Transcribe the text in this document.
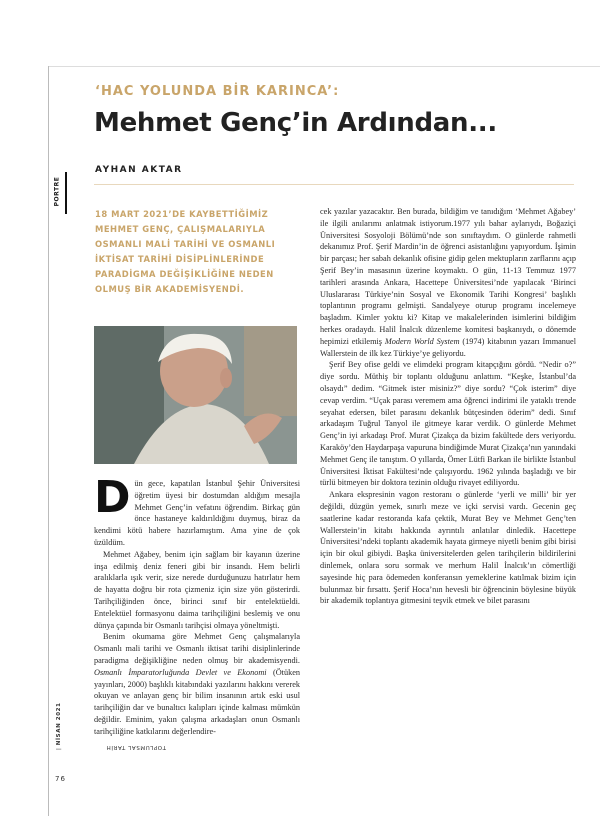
PORTRE
‘HAC YOLUNDA BİR KARINCA’:
Mehmet Genç’in Ardından...
AYHAN AKTAR
18 MART 2021’DE KAYBETTİĞİMİZ MEHMET GENÇ, ÇALIŞMALARIYLA OSMANLI MALİ TARİHİ VE OSMANLI İKTİSAT TARİHİ DİSİPLİNLERİNDE PARADİGMA DEĞİŞİKLİĞİNE NEDEN OLMUŞ BİR AKADEMİSYENDİ.

Dün gece, kapatılan İstanbul Şehir Üniversitesi öğretim üyesi bir dostumdan aldığım mesajla Mehmet Genç’in vefatını öğrendim. Birkaç gün önce hastaneye kaldırıldığını duymuş, biraz da kendimi kötü habere hazırlamıştım. Ama yine de çok üzüldüm.

Mehmet Ağabey, benim için sağlam bir kayanın üzerine inşa edilmiş deniz feneri gibi bir insandı. Hem belirli aralıklarla ışık verir, size nerede durduğunuzu hatırlatır hem de hayatta doğru bir rota çizmeniz için size yön gösterirdi. Tarihçiliğinden önce, birinci sınıf bir entelektüeldi. Entelektüel formasyonu daima tarihçiliğini beslemiş ve onu dünya çapında bir Osmanlı tarihçisi olmaya yöneltmişti.

Benim okumama göre Mehmet Genç çalışmalarıyla Osmanlı mali tarihi ve Osmanlı iktisat tarihi disiplinlerinde paradigma değişikliğine neden olmuş bir akademisyendi. Osmanlı İmparatorluğunda Devlet ve Ekonomi (Ötüken yayınları, 2000) başlıklı kitabındaki yazılarını hakkını vererek okuyan ve anlayan genç bir bilim insanının artık eski usul tarihçiliğin dar ve bunaltıcı kalıpları içinde kalması mümkün değildir. Eminim, yakın çalışma arkadaşları onun Osmanlı tarihçiliğine katkılarını değerlendire-

cek yazılar yazacaktır. Ben burada, bildiğim ve tanıdığım ‘Mehmet Ağabey’ ile ilgili anılarımı anlatmak istiyorum.1977 yılı bahar aylarıydı, Boğaziçi Üniversitesi Sosyoloji Bölümü’nde son sınıftaydım. O günlerde rahmetli dekanımız Prof. Şerif Mardin’in de öğrenci asistanlığını yapıyordum. İşimin bir parçası; her sabah dekanlık ofisine gidip gelen mektupların zarflarını açıp Şerif Bey’in masasının üzerine koymaktı. O gün, 11-13 Temmuz 1977 tarihleri arasında Ankara, Hacettepe Üniversitesi’nde yapılacak ‘Birinci Uluslararası Türkiye’nin Sosyal ve Ekonomik Tarihi Kongresi’ başlıklı toplantının programı gelmişti. Sandalyeye oturup programı incelemeye başladım. Kimler yoktu ki? Kitap ve makalelerinden isimlerini bildiğim herkes oradaydı. Halil İnalcık düzenleme komitesi başkanıydı, o dönemde hepimizi etkilemiş Modern World System (1974) kitabının yazarı Immanuel Wallerstein de ilk kez Türkiye’ye geliyordu.

Şerif Bey ofise geldi ve elimdeki program kitapçığını gördü. “Nedir o?” diye sordu. Müthiş bir toplantı olduğunu anlattım. “Keşke, İstanbul’da olsaydı” dedim. “Gitmek ister misiniz?” diye sordu? “Çok isterim” diye cevap verdim. “Uçak parası veremem ama öğrenci indirimi ile yataklı trende seyahat edersen, bilet parasını dekanlık bütçesinden öderim” dedi. Sınıf arkadaşım Tuğrul Tanyol ile gitmeye karar verdik. O günlerde Mehmet Genç’in iyi arkadaşı Prof. Murat Çizakça da bizim fakültede ders veriyordu. Karaköy’den Haydarpaşa vapuruna bindiğimde Murat Çizakça’nın yanındaki Mehmet Genç ile tanıştım. O yıllarda, Ömer Lütfi Barkan ile birlikte İstanbul Üniversitesi İktisat Fakültesi’nde çalışıyordu. 1962 yılında başladığı ve bir türlü bitmeyen bir doktora tezinin olduğu rivayet ediliyordu.

Ankara ekspresinin vagon restoranı o günlerde ‘yerli ve milli’ bir yer değildi, düzgün yemek, sınırlı meze ve içki servisi vardı. Gecenin geç saatlerine kadar restoranda kafa çektik, Murat Bey ve Mehmet Genç’ten Wallerstein’in kitabı hakkında ayrıntılı anlatılar dinledik. Hacettepe Üniversitesi’ndeki toplantı akademik hayata girmeye niyetli benim gibi birisi için bir okul gibiydi. Başka üniversitelerden gelen tarihçilerin bildirilerini dinlemek, onlara soru sormak ve merhum Halil İnalcık’ın cömertliği sayesinde hiç para ödemeden konferansın yemeklerine katılmak bizim için bulunmaz bir fırsattı. Şerif Hoca’nın hevesli bir öğrencinin böylesine büyük bir akademik toplantıya gitmesini teşvik etmek ve bilet parasını

TOPLUMSAL TARİH
| NİSAN 2021
76
